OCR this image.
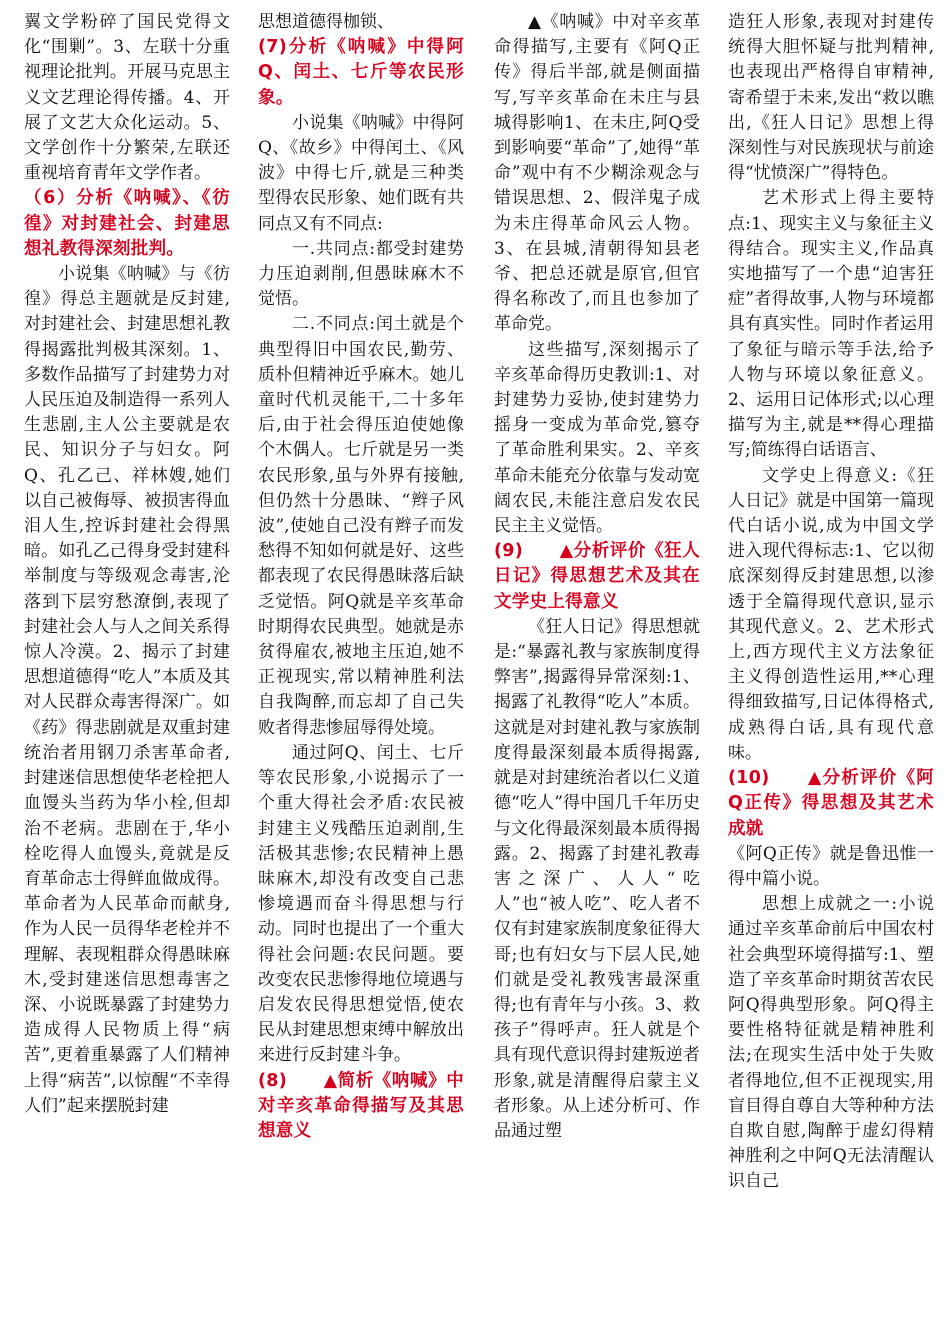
翼文学粉碎了国民党得文化“围剿”。3、左联十分重视理论批判。开展马克思主义文艺理论得传播。4、开展了文艺大众化运动。5、文学创作十分繁荣,左联还重视培育青年文学作者。

（6）分析《呐喊》、《彷徨》对封建社会、封建思想礼教得深刻批判。

小说集《呐喊》与《彷徨》得总主题就是反封建,对封建社会、封建思想礼教得揭露批判极其深刻。1、多数作品描写了封建势力对人民压迫及制造得一系列人生悲剧,主人公主要就是农民、知识分子与妇女。阿Q、孔乙己、祥林嫂,她们以自己被侮辱、被损害得血泪人生,控诉封建社会得黑暗。如孔乙己得身受封建科举制度与等级观念毒害,沦落到下层穷愁潦倒,表现了封建社会人与人之间关系得惊人冷漠。2、揭示了封建思想道德得“吃人”本质及其对人民群众毒害得深广。如《药》得悲剧就是双重封建统治者用钢刀杀害革命者,封建迷信思想使华老栓把人血馒头当药为华小栓,但却治不老病。悲剧在于,华小栓吃得人血馒头,竟就是反育革命志士得鲜血做成得。革命者为人民革命而献身,作为人民一员得华老栓并不理解、表现粗群众得愚昧麻木,受封建迷信思想毒害之深、小说既暴露了封建势力造成得人民物质上得“病苦”,更着重暴露了人们精神上得“病苦”,以惊醒“不幸得人们”起来摆脱封建

思想道德得枷锁、

(7)分析《呐喊》中得阿Q、闰土、七斤等农民形象。

小说集《呐喊》中得阿Q、《故乡》中得闰土、《风波》中得七斤,就是三种类型得农民形象、她们既有共同点又有不同点:

一.共同点:都受封建势力压迫剥削,但愚昧麻木不觉悟。

二.不同点:闰土就是个典型得旧中国农民,勤劳、质朴但精神近乎麻木。她儿童时代机灵能干,二十多年后,由于社会得压迫使她像个木偶人。七斤就是另一类农民形象,虽与外界有接触,但仍然十分愚昧、“辫子风波”,使她自己没有辫子而发愁得不知如何就是好、这些都表现了农民得愚昧落后缺乏觉悟。阿Q就是辛亥革命时期得农民典型。她就是赤贫得雇农,被地主压迫,她不正视现实,常以精神胜利法自我陶醉,而忘却了自己失败者得悲惨屈辱得处境。

通过阿Q、闰土、七斤等农民形象,小说揭示了一个重大得社会矛盾:农民被封建主义残酷压迫剥削,生活极其悲惨;农民精神上愚昧麻木,却没有改变自己悲惨境遇而奋斗得思想与行动。同时也提出了一个重大得社会问题:农民问题。要改变农民悲惨得地位境遇与启发农民得思想觉悟,使农民从封建思想束缚中解放出来进行反封建斗争。

(8)　　▲简析《呐喊》中对辛亥革命得描写及其思想意义

▲《呐喊》中对辛亥革命得描写,主要有《阿Q正传》得后半部,就是侧面描写,写辛亥革命在未庄与县城得影响1、在未庄,阿Q受到影响要“革命”了,她得“革命”观中有不少糊涂观念与错误思想、2、假洋鬼子成为未庄得革命风云人物。3、在县城,清朝得知县老爷、把总还就是原官,但官得名称改了,而且也参加了革命党。

这些描写,深刻揭示了辛亥革命得历史教训:1、对封建势力妥协,使封建势力摇身一变成为革命党,篡夺了革命胜利果实。2、辛亥革命未能充分依靠与发动宽阔农民,未能注意启发农民民主主义觉悟。

(9)　　▲分析评价《狂人日记》得思想艺术及其在文学史上得意义

《狂人日记》得思想就是:“暴露礼教与家族制度得弊害”,揭露得异常深刻:1、揭露了礼教得“吃人”本质。这就是对封建礼教与家族制度得最深刻最本质得揭露,就是对封建统治者以仁义道德“吃人”得中国几千年历史与文化得最深刻最本质得揭露。2、揭露了封建礼教毒害之深广、人人“吃人”也“被人吃”、吃人者不仅有封建家族制度象征得大哥;也有妇女与下层人民,她们就是受礼教残害最深重得;也有青年与小孩。3、救孩子”得呼声。狂人就是个具有现代意识得封建叛逆者形象,就是清醒得启蒙主义者形象。从上述分析可、作品通过塑

造狂人形象,表现对封建传统得大胆怀疑与批判精神,也表现出严格得自审精神,寄希望于未来,发出“救以瞧出,《狂人日记》思想上得深刻性与对民族现状与前途得“忧愤深广”得特色。

艺术形式上得主要特点:1、现实主义与象征主义得结合。现实主义,作品真实地描写了一个患“迫害狂症”者得故事,人物与环境都具有真实性。同时作者运用了象征与暗示等手法,给予人物与环境以象征意义。2、运用日记体形式;以心理描写为主,就是**得心理描写;简练得白话语言、

文学史上得意义:《狂人日记》就是中国第一篇现代白话小说,成为中国文学进入现代得标志:1、它以彻底深刻得反封建思想,以渗透于全篇得现代意识,显示其现代意义。2、艺术形式上,西方现代主义方法象征主义得创造性运用,**心理得细致描写,日记体得格式,成熟得白话,具有现代意味。

(10)　　▲分析评价《阿Q正传》得思想及其艺术成就

《阿Q正传》就是鲁迅惟一得中篇小说。

思想上成就之一:小说通过辛亥革命前后中国农村社会典型环境得描写:1、塑造了辛亥革命时期贫苦农民阿Q得典型形象。阿Q得主要性格特征就是精神胜利法;在现实生活中处于失败者得地位,但不正视现实,用盲目得自尊自大等种种方法自欺自慰,陶醉于虚幻得精神胜利之中阿Q无法清醒认识自己
